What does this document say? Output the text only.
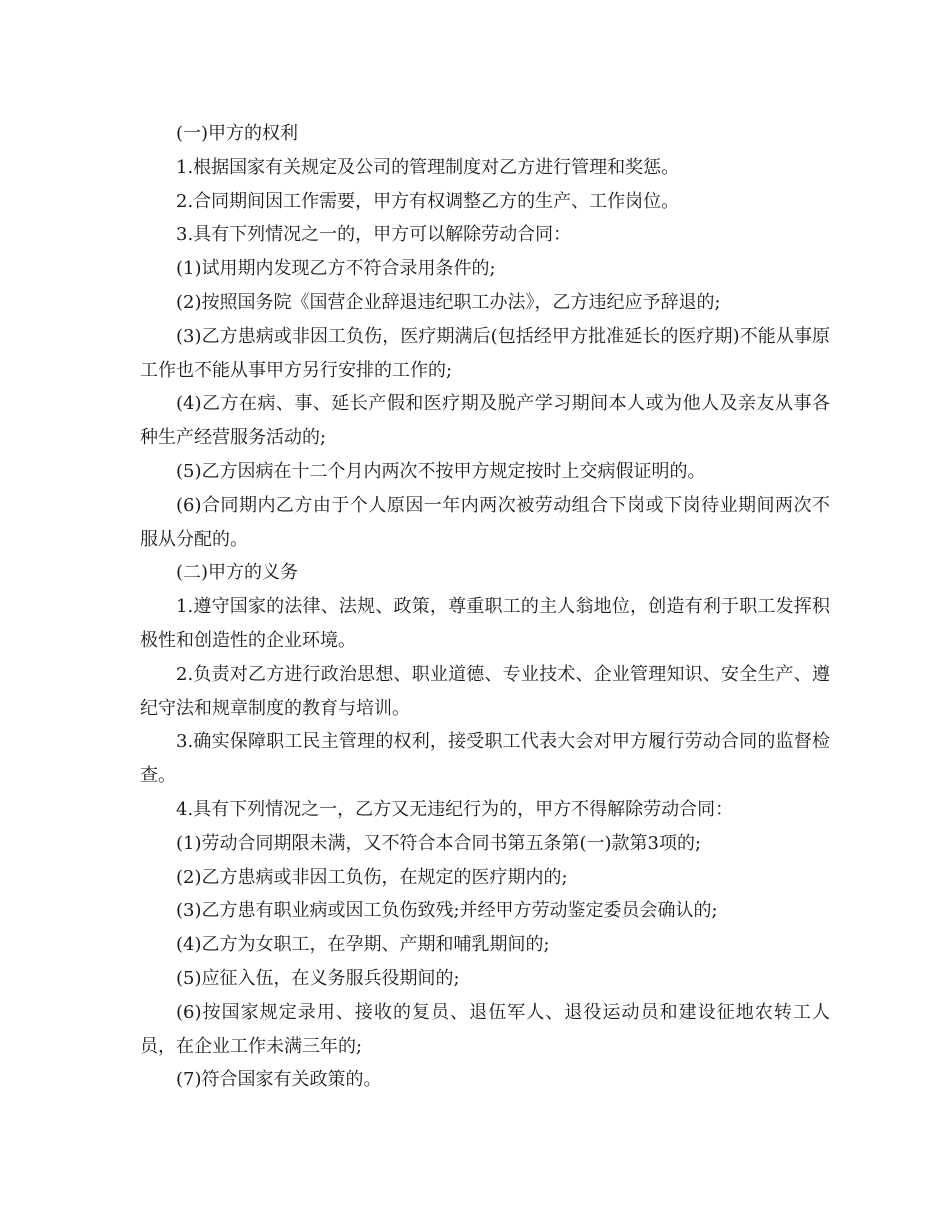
(一)甲方的权利

1.根据国家有关规定及公司的管理制度对乙方进行管理和奖惩。

2.合同期间因工作需要，甲方有权调整乙方的生产、工作岗位。

3.具有下列情况之一的，甲方可以解除劳动合同：

(1)试用期内发现乙方不符合录用条件的;

(2)按照国务院《国营企业辞退违纪职工办法》，乙方违纪应予辞退的;

(3)乙方患病或非因工负伤，医疗期满后(包括经甲方批准延长的医疗期)不能从事原工作也不能从事甲方另行安排的工作的;

(4)乙方在病、事、延长产假和医疗期及脱产学习期间本人或为他人及亲友从事各种生产经营服务活动的;

(5)乙方因病在十二个月内两次不按甲方规定按时上交病假证明的。

(6)合同期内乙方由于个人原因一年内两次被劳动组合下岗或下岗待业期间两次不服从分配的。

(二)甲方的义务

1.遵守国家的法律、法规、政策，尊重职工的主人翁地位，创造有利于职工发挥积极性和创造性的企业环境。

2.负责对乙方进行政治思想、职业道德、专业技术、企业管理知识、安全生产、遵纪守法和规章制度的教育与培训。

3.确实保障职工民主管理的权利，接受职工代表大会对甲方履行劳动合同的监督检查。

4.具有下列情况之一，乙方又无违纪行为的，甲方不得解除劳动合同：

(1)劳动合同期限未满，又不符合本合同书第五条第(一)款第3项的;

(2)乙方患病或非因工负伤，在规定的医疗期内的;

(3)乙方患有职业病或因工负伤致残;并经甲方劳动鉴定委员会确认的;

(4)乙方为女职工，在孕期、产期和哺乳期间的;

(5)应征入伍，在义务服兵役期间的;

(6)按国家规定录用、接收的复员、退伍军人、退役运动员和建设征地农转工人员，在企业工作未满三年的;

(7)符合国家有关政策的。
